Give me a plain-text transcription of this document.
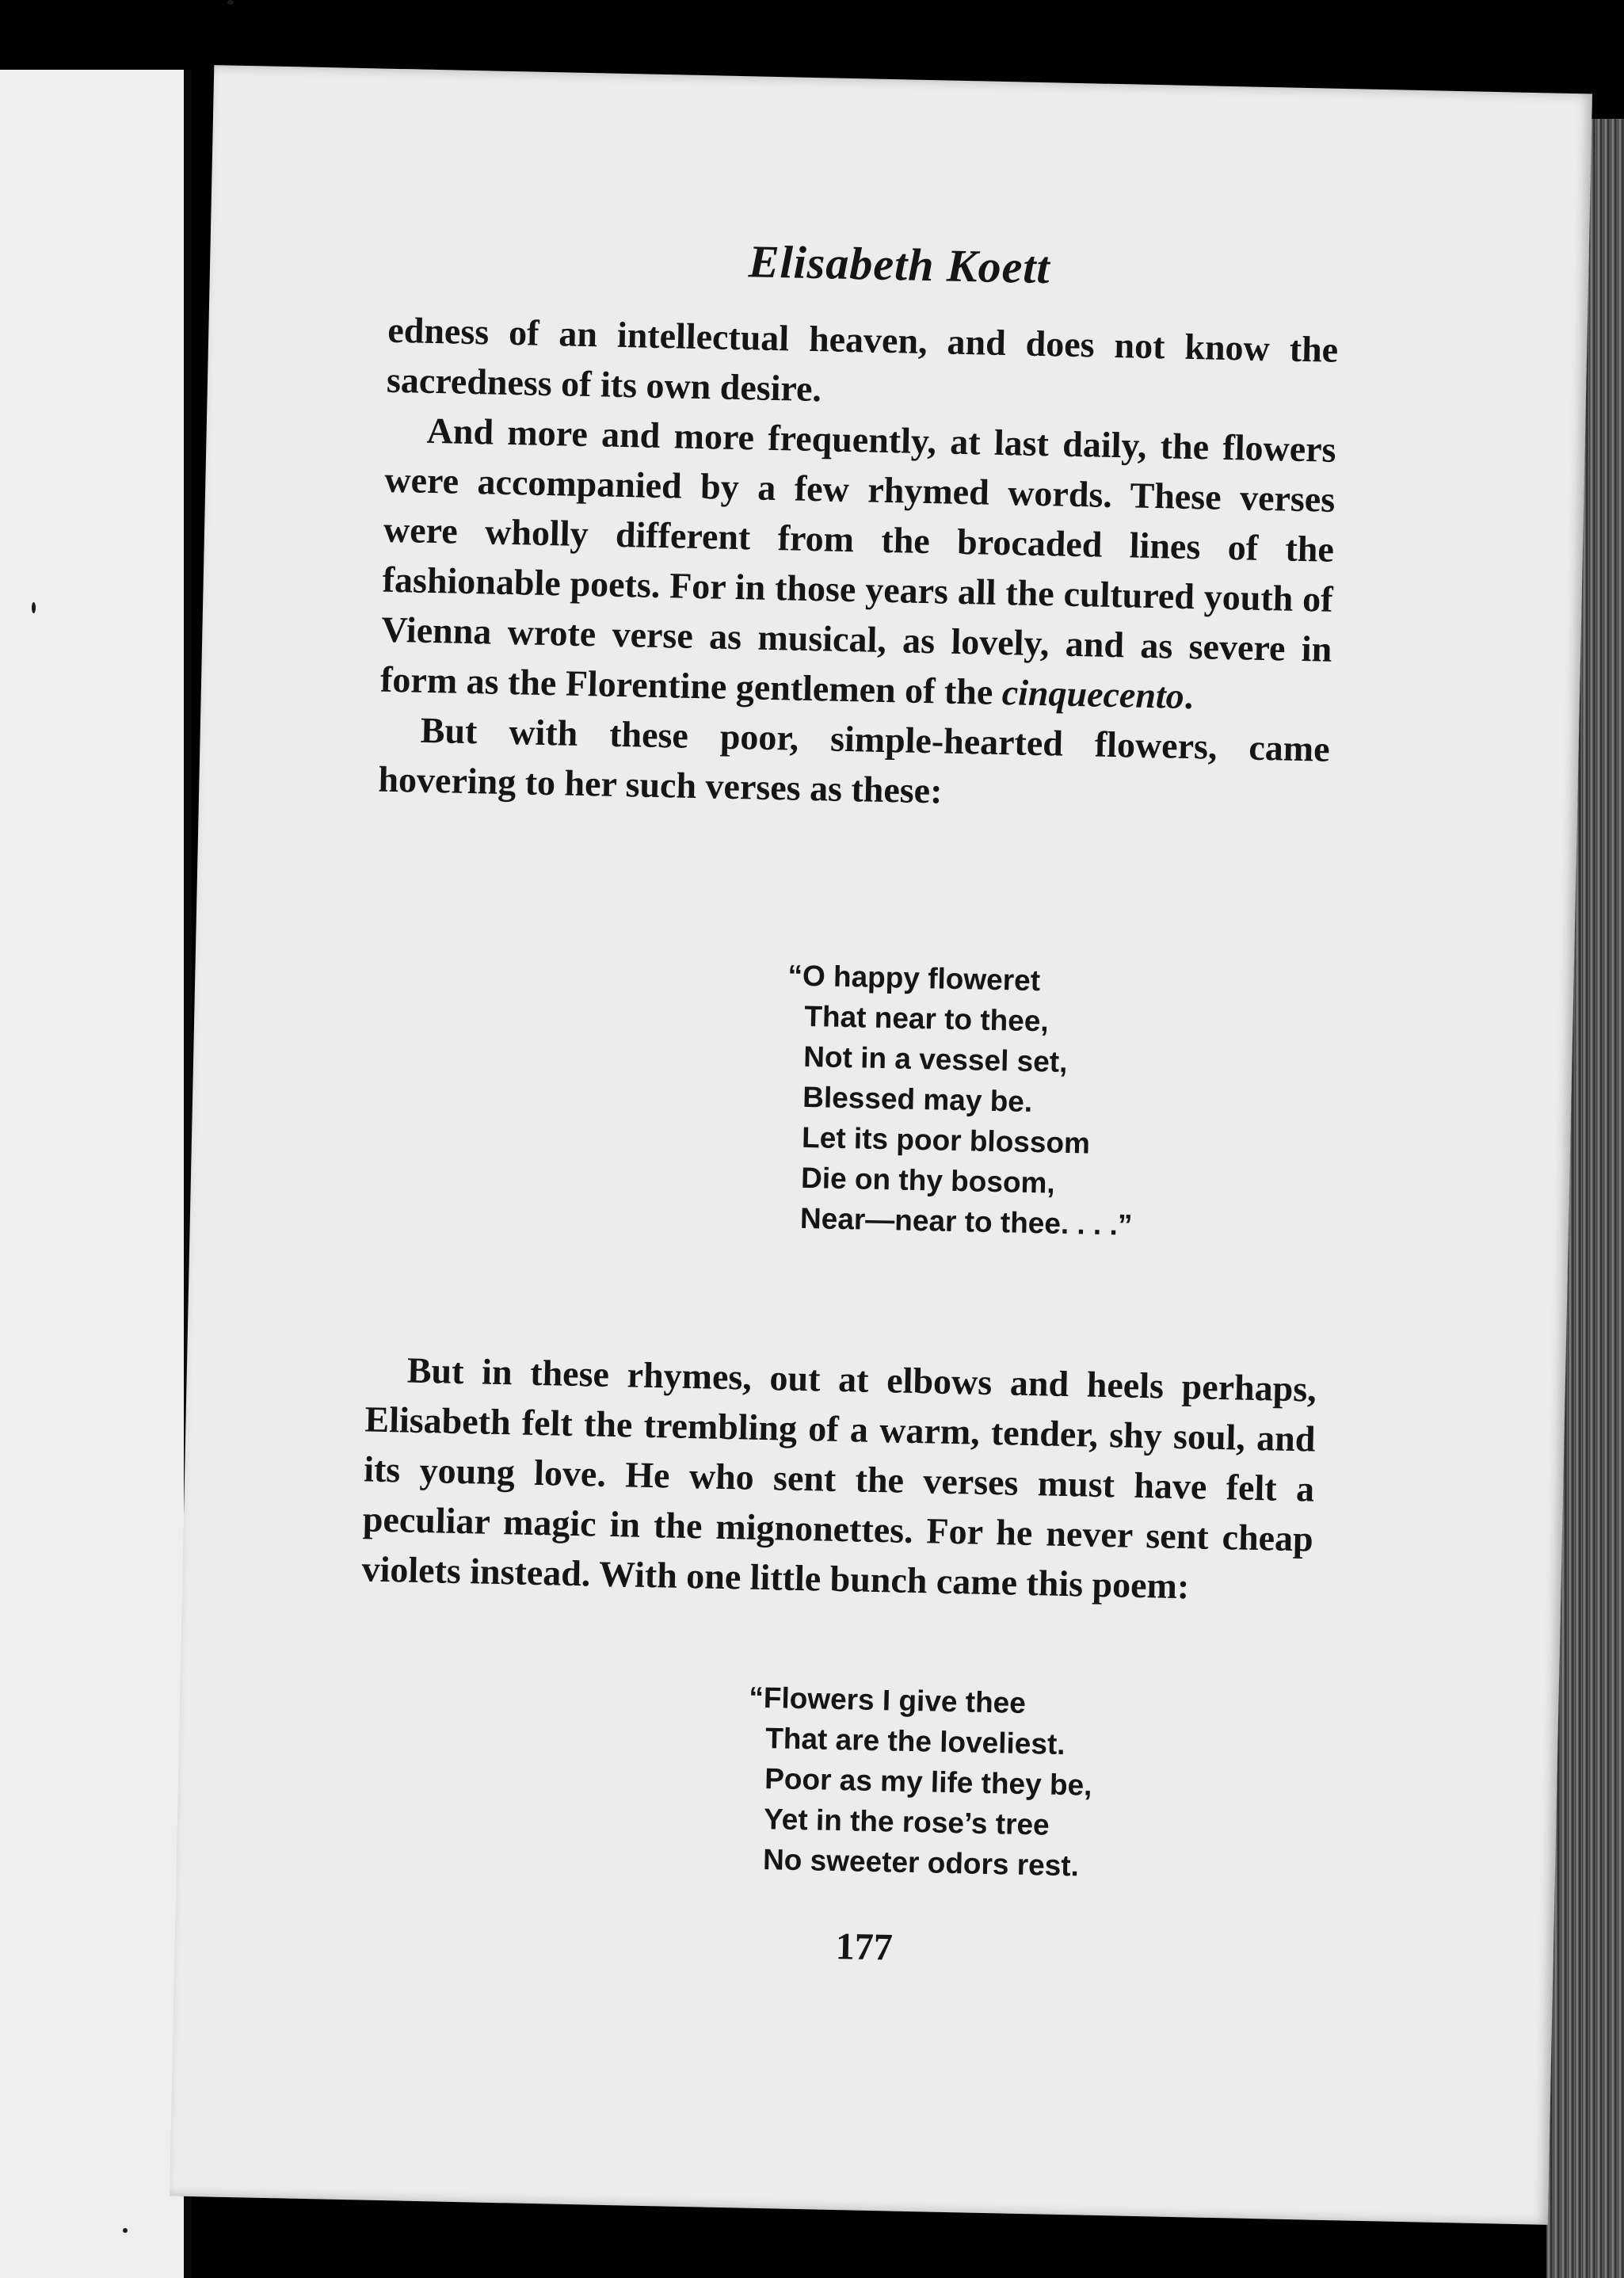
Elisabeth Koett

edness of an intellectual heaven, and does not know the sacredness of its own desire.

And more and more frequently, at last daily, the flowers were accompanied by a few rhymed words. These verses were wholly different from the brocaded lines of the fashionable poets. For in those years all the cultured youth of Vienna wrote verse as musical, as lovely, and as severe in form as the Florentine gentlemen of the cinquecento.

But with these poor, simple-hearted flowers, came hovering to her such verses as these:

“O happy floweret
That near to thee,
Not in a vessel set,
Blessed may be.
Let its poor blossom
Die on thy bosom,
Near—near to thee. . . .”

But in these rhymes, out at elbows and heels perhaps, Elisabeth felt the trembling of a warm, tender, shy soul, and its young love. He who sent the verses must have felt a peculiar magic in the mignonettes. For he never sent cheap violets instead. With one little bunch came this poem:

“Flowers I give thee
That are the loveliest.
Poor as my life they be,
Yet in the rose’s tree
No sweeter odors rest.
177
